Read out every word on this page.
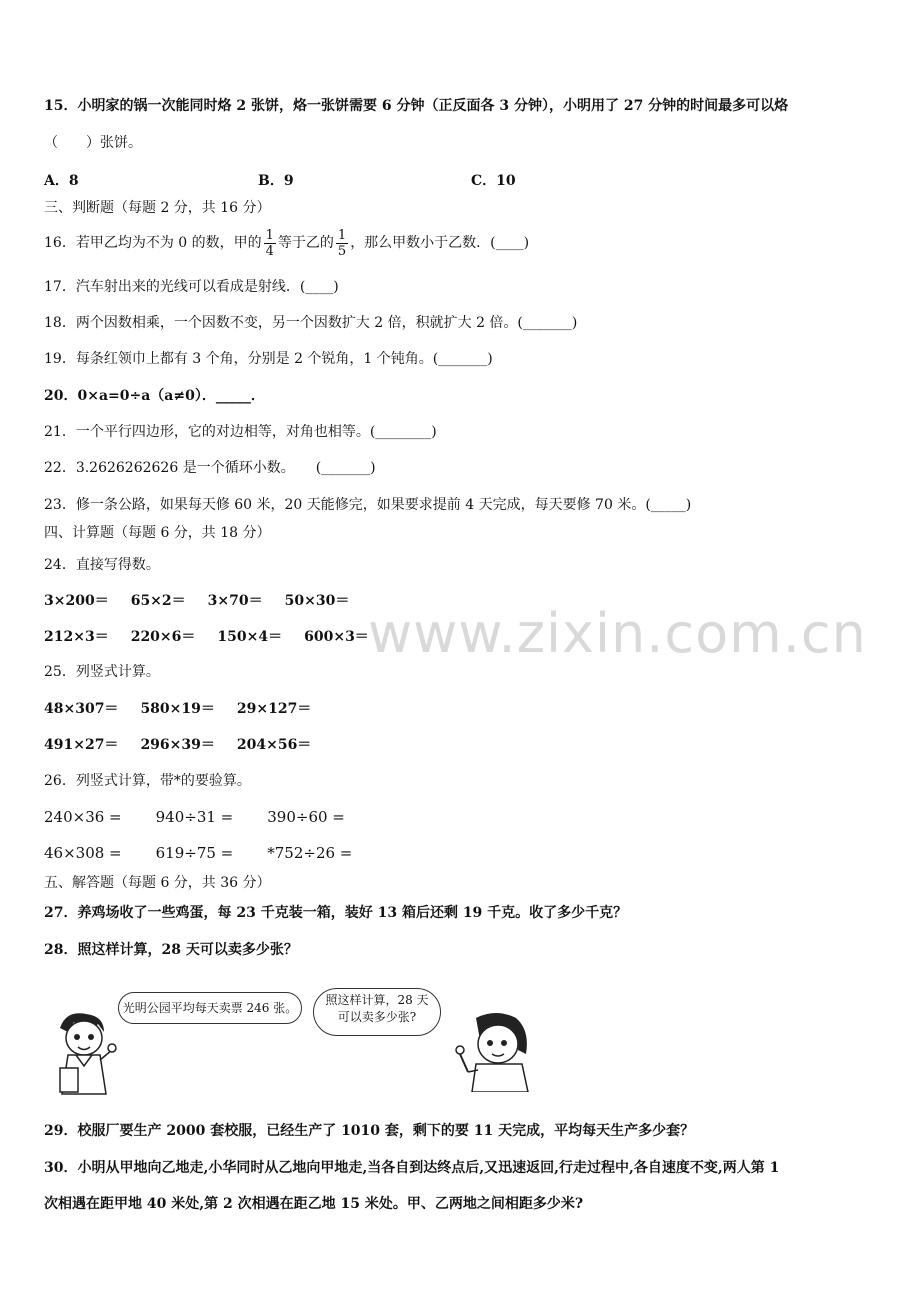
www.zixin.com.cn
15．小明家的锅一次能同时烙 2 张饼，烙一张饼需要 6 分钟（正反面各 3 分钟），小明用了 27 分钟的时间最多可以烙
（　　）张饼。
A．8	B．9	C．10
三、判断题（每题 2 分，共 16 分）
16．若甲乙均为不为 0 的数，甲的 $\frac{1}{4}$ 等于乙的 $\frac{1}{5}$ ，那么甲数小于乙数．(____)
17．汽车射出来的光线可以看成是射线．(____)
18．两个因数相乘，一个因数不变，另一个因数扩大 2 倍，积就扩大 2 倍。(_______)
19．每条红领巾上都有 3 个角，分别是 2 个锐角，1 个钝角。(_______)
20．0×a=0÷a（a≠0）．_____．
21．一个平行四边形，它的对边相等，对角也相等。(________)
22．3.2626262626 是一个循环小数。　　(_______)
23．修一条公路，如果每天修 60 米，20 天能修完，如果要求提前 4 天完成，每天要修 70 米。(_____)
四、计算题（每题 6 分，共 18 分）
24．直接写得数。
3×200＝ 65×2＝ 3×70＝ 50×30＝
212×3＝ 220×6＝ 150×4＝ 600×3＝
25．列竖式计算。
48×307＝ 580×19＝ 29×127＝
491×27＝ 296×39＝ 204×56＝
26．列竖式计算，带*的要验算。
240×36 = 940÷31 = 390÷60 =
46×308 = 619÷75 = *752÷26 =
五、解答题（每题 6 分，共 36 分）
27．养鸡场收了一些鸡蛋，每 23 千克装一箱，装好 13 箱后还剩 19 千克。收了多少千克？
28．照这样计算，28 天可以卖多少张？
光明公园平均每天卖票 246 张。
照这样计算，28 天
可以卖多少张?
29．校服厂要生产 2000 套校服，已经生产了 1010 套，剩下的要 11 天完成，平均每天生产多少套？
30．小明从甲地向乙地走,小华同时从乙地向甲地走,当各自到达终点后,又迅速返回,行走过程中,各自速度不变,两人第 1
次相遇在距甲地 40 米处,第 2 次相遇在距乙地 15 米处。甲、乙两地之间相距多少米?
